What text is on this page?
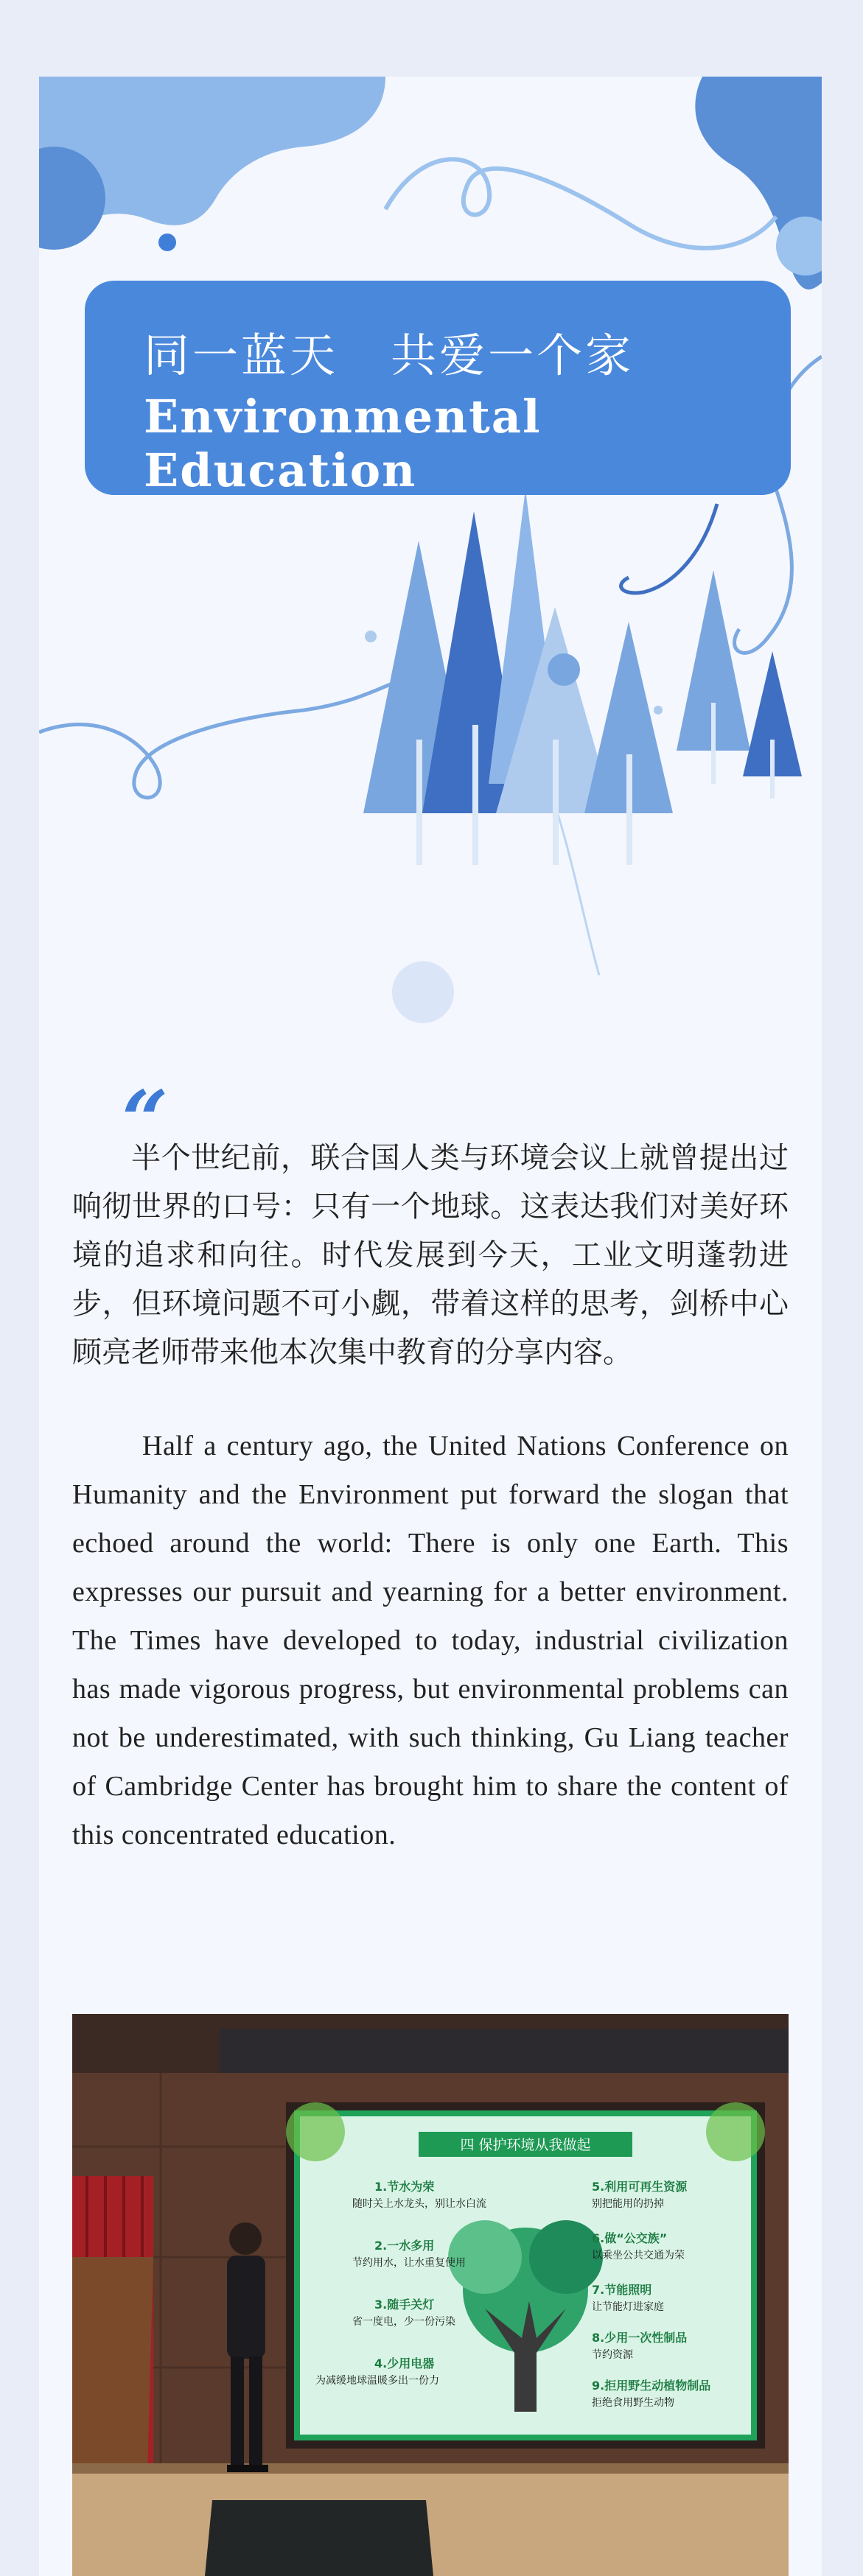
同一蓝天   共爱一个家
Environmental Education
“

半个世纪前，联合国人类与环境会议上就曾提出过响彻世界的口号：只有一个地球。这表达我们对美好环境的追求和向往。时代发展到今天，工业文明蓬勃进步，但环境问题不可小觑，带着这样的思考，剑桥中心顾亮老师带来他本次集中教育的分享内容。

Half a century ago, the United Nations Conference on Humanity and the Environment put forward the slogan that echoed around the world: There is only one Earth. This expresses our pursuit and yearning for a better environment. The Times have developed to today, industrial civilization has made vigorous progress, but environmental problems can not be underestimated, with such thinking, Gu Liang teacher of Cambridge Center has brought him to share the content of this concentrated education.

四 保护环境从我做起
1.节水为荣
随时关上水龙头，别让水白流
2.一水多用
节约用水，让水重复使用
3.随手关灯
省一度电，少一份污染
4.少用电器
为减缓地球温暖多出一份力
5.利用可再生资源
别把能用的扔掉
6.做“公交族”
以乘坐公共交通为荣
7.节能照明
让节能灯进家庭
8.少用一次性制品
节约资源
9.拒用野生动植物制品
拒绝食用野生动物
